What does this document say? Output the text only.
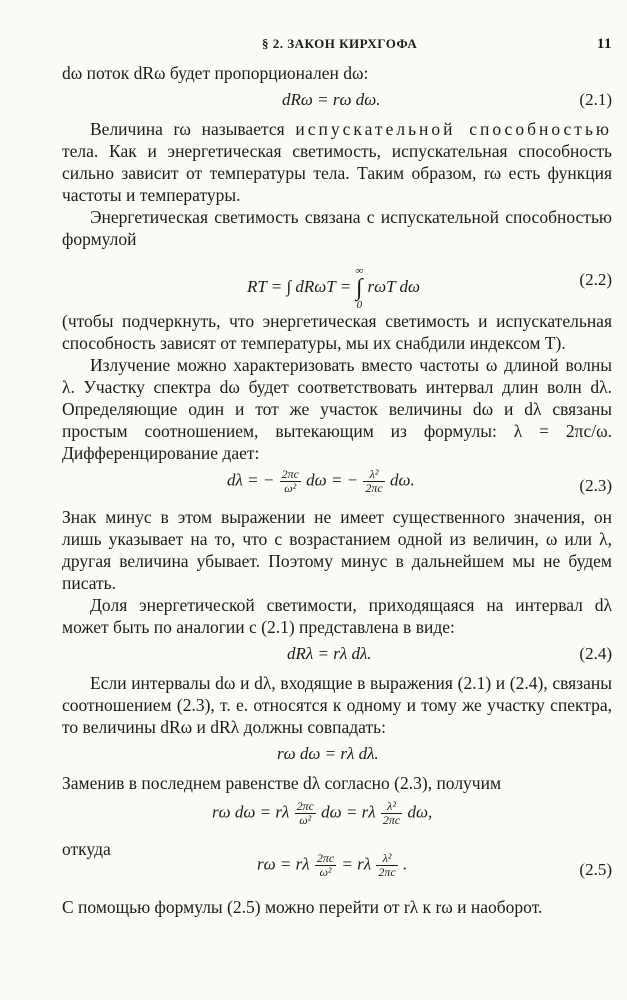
§ 2. ЗАКОН КИРХГОФА	11

dω поток dRω будет пропорционален dω:

dRω = rω dω.	(2.1)

Величина rω называется испускательной способностью тела. Как и энергетическая светимость, испускательная способность сильно зависит от температуры тела. Таким образом, rω есть функция частоты и температуры.

Энергетическая светимость связана с испускательной способностью формулой

RT = ∫ dRωT =
∞
∫
0
rωT dω	(2.2)

(чтобы подчеркнуть, что энергетическая светимость и испускательная способность зависят от температуры, мы их снабдили индексом T).

Излучение можно характеризовать вместо частоты ω длиной волны λ. Участку спектра dω будет соответствовать интервал длин волн dλ. Определяющие один и тот же участок величины dω и dλ связаны простым соотношением, вытекающим из формулы: λ = 2πc/ω. Дифференцирование дает:

dλ = − $\frac{2\pi c}{\text{ω²}}$ dω = − $\frac{\text{λ²}}{2\pi c} d\omega$.	(2.3)

Знак минус в этом выражении не имеет существенного значения, он лишь указывает на то, что с возрастанием одной из величин, ω или λ, другая величина убывает. Поэтому минус в дальнейшем мы не будем писать.

Доля энергетической светимости, приходящаяся на интервал dλ может быть по аналогии с (2.1) представлена в виде:

dRλ = rλ dλ.	(2.4)

Если интервалы dω и dλ, входящие в выражения (2.1) и (2.4), связаны соотношением (2.3), т. е. относятся к одному и тому же участку спектра, то величины dRω и dRλ должны совпадать:

rω dω = rλ dλ.

Заменив в последнем равенстве dλ согласно (2.3), получим

rω dω = rλ $\frac{2\pi c}{\text{ω²}}$ dω = rλ $\frac{\text{λ²}}{2\pi c} d\omega$,

откуда

rω = rλ $\frac{2\pi c}{\text{ω²}} = r\lambda \frac{\text{λ²}}{2\pi c}$ .	(2.5)

С помощью формулы (2.5) можно перейти от rλ к rω и наоборот.
